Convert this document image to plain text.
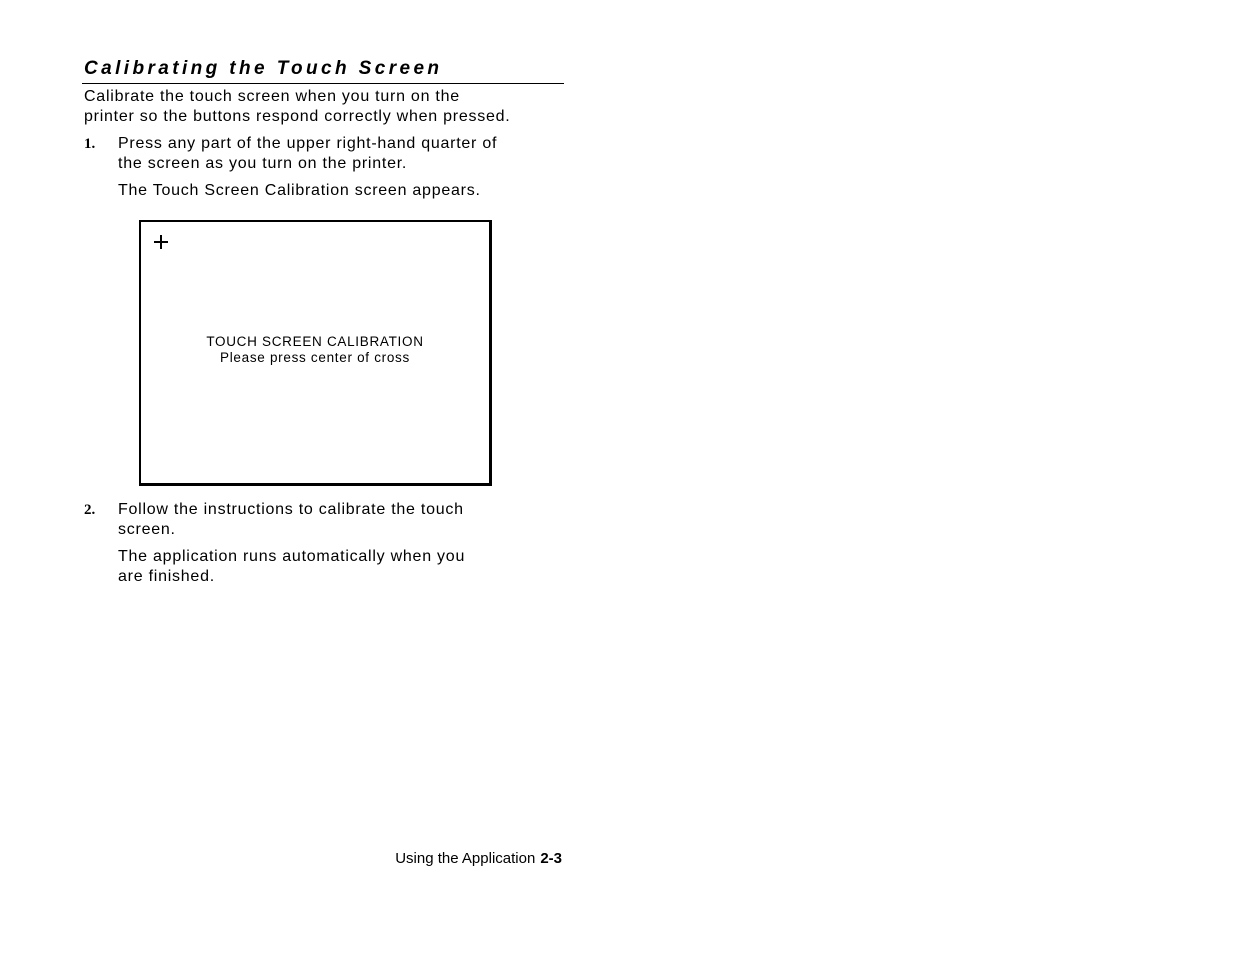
Calibrating the Touch Screen
Calibrate the touch screen when you turn on the
printer so the buttons respond correctly when pressed.
1. Press any part of the upper right-hand quarter of
the screen as you turn on the printer.
The Touch Screen Calibration screen appears.
TOUCH SCREEN CALIBRATION
Please press center of cross
2. Follow the instructions to calibrate the touch
screen.
The application runs automatically when you
are finished.
Using the Application 2-3
